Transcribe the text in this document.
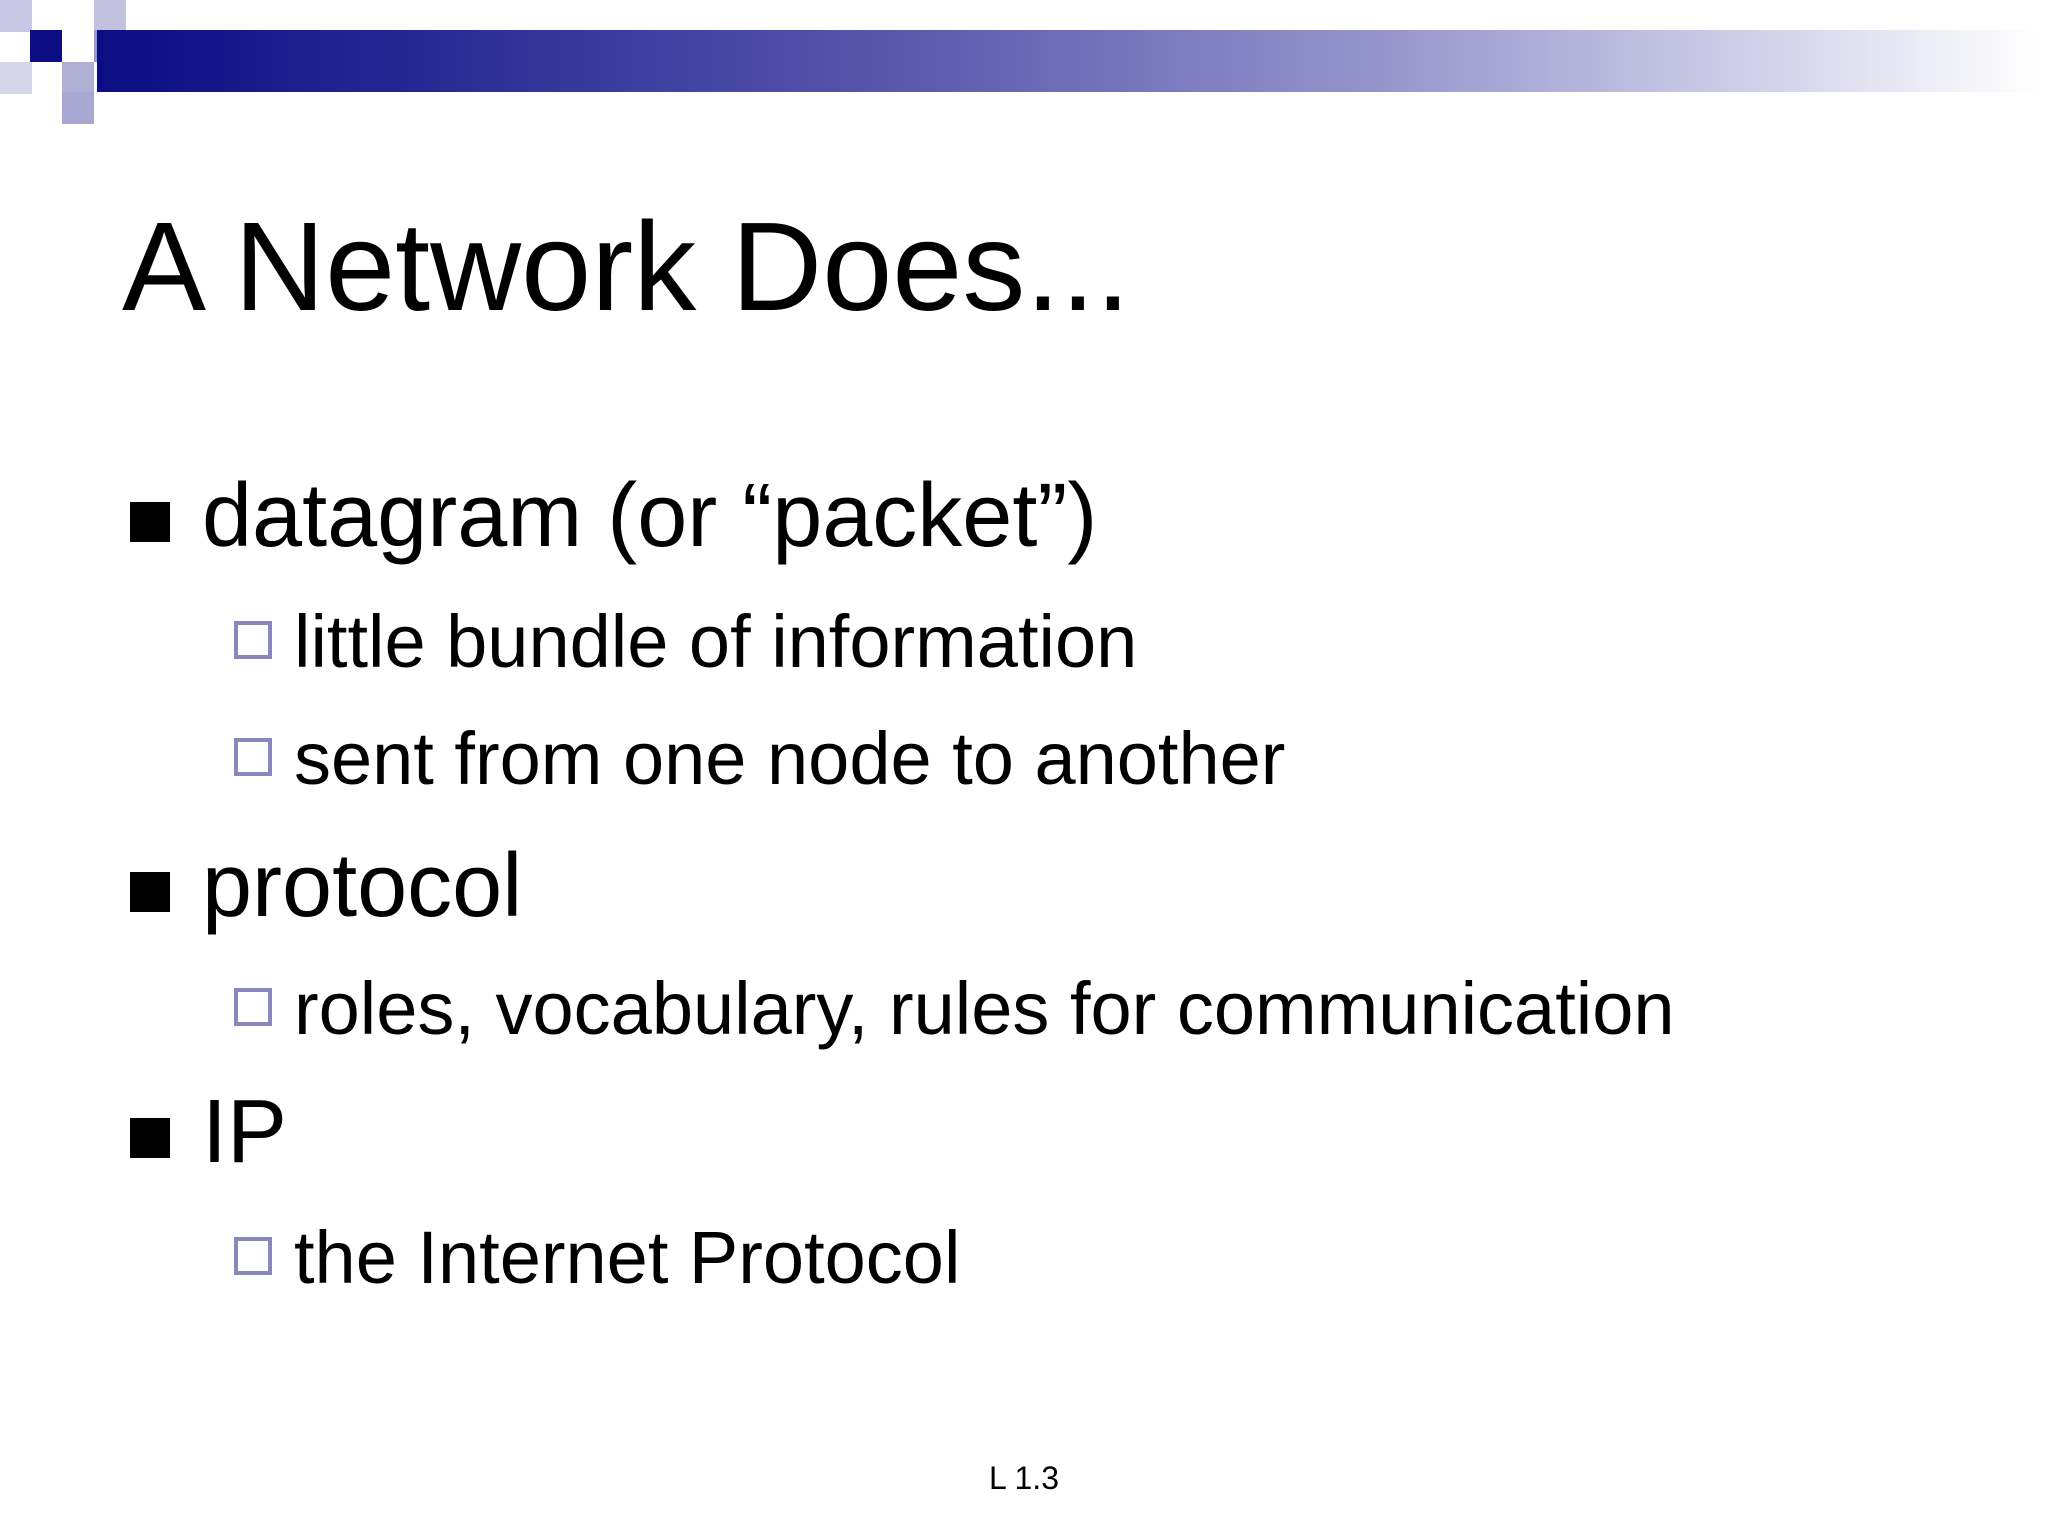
A Network Does...
datagram (or “packet”)
little bundle of information
sent from one node to another
protocol
roles, vocabulary, rules for communication
IP
the Internet Protocol
L 1.3
